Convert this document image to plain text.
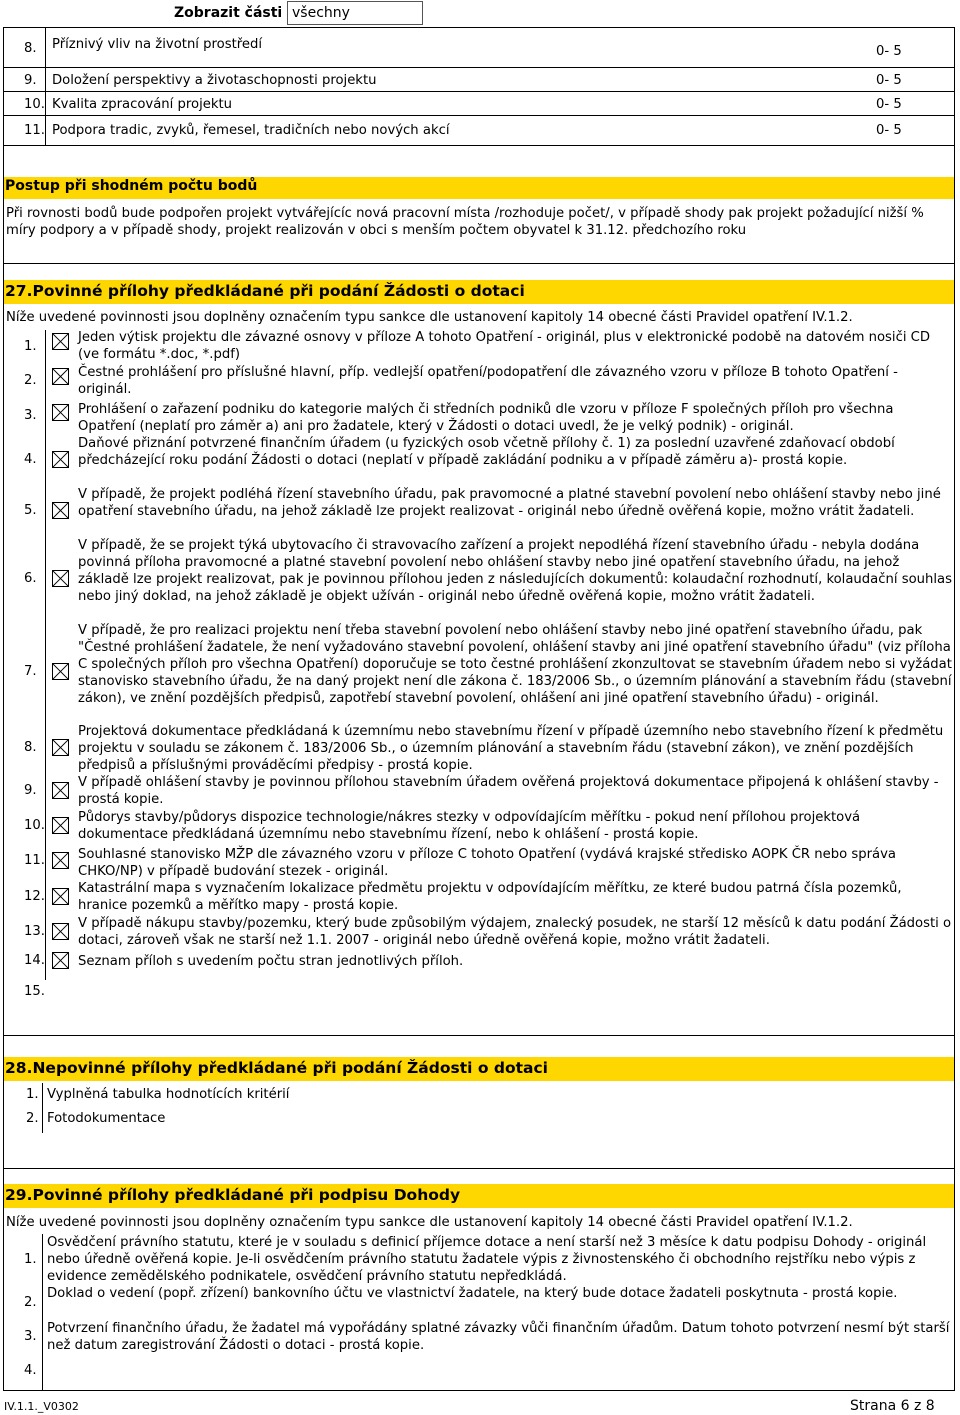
Zobrazit části všechny
8. Příznivý vliv na životní prostředí	0- 5
9. Doložení perspektivy a životaschopnosti projektu	0- 5
10. Kvalita zpracování projektu	0- 5
11. Podpora tradic, zvyků, řemesel, tradičních nebo nových akcí	0- 5
Postup při shodném počtu bodů
Při rovnosti bodů bude podpořen projekt vytvářejícíc nová pracovní místa /rozhoduje počet/, v případě shody pak projekt požadující nižší % míry podpory a v případě shody, projekt realizován v obci s menším počtem obyvatel k 31.12. předchozího roku
27.Povinné přílohy předkládané při podání Žádosti o dotaci
Níže uvedené povinnosti jsou doplněny označením typu sankce dle ustanovení kapitoly 14 obecné části Pravidel opatření IV.1.2.
1.
Jeden výtisk projektu dle závazné osnovy v příloze A tohoto Opatření - originál, plus v elektronické podobě na datovém nosiči CD (ve formátu *.doc, *.pdf)
2.
Čestné prohlášení pro příslušné hlavní, příp. vedlejší opatření/podopatření dle závazného vzoru v příloze B tohoto Opatření - originál.
3.	Prohlášení o zařazení podniku do kategorie malých či středních podniků dle vzoru v příloze F společných příloh pro všechna Opatření (neplatí pro záměr a) ani pro žadatele, který v Žádosti o dotaci uvedl, že je velký podnik) - originál.
4.
Daňové přiznání potvrzené finančním úřadem (u fyzických osob včetně přílohy č. 1) za poslední uzavřené zdaňovací období předcházející roku podání Žádosti o dotaci (neplatí v případě zakládání podniku a v případě záměru a)- prostá kopie.
5.
V případě, že projekt podléhá řízení stavebního úřadu, pak pravomocné a platné stavební povolení nebo ohlášení stavby nebo jiné opatření stavebního úřadu, na jehož základě lze projekt realizovat - originál nebo úředně ověřená kopie, možno vrátit žadateli.
6.
V případě, že se projekt týká ubytovacího či stravovacího zařízení a projekt nepodléhá řízení stavebního úřadu - nebyla dodána povinná příloha pravomocné a platné stavební povolení nebo ohlášení stavby nebo jiné opatření stavebního úřadu, na jehož základě lze projekt realizovat, pak je povinnou přílohou jeden z následujících dokumentů: kolaudační rozhodnutí, kolaudační souhlas nebo jiný doklad, na jehož základě je objekt užíván - originál nebo úředně ověřená kopie, možno vrátit žadateli.
7.
V případě, že pro realizaci projektu není třeba stavební povolení nebo ohlášení stavby nebo jiné opatření stavebního úřadu, pak "Čestné prohlášení žadatele, že není vyžadováno stavební povolení, ohlášení stavby ani jiné opatření stavebního úřadu" (viz příloha C společných příloh pro všechna Opatření) doporučuje se toto čestné prohlášení zkonzultovat se stavebním úřadem nebo si vyžádat stanovisko stavebního úřadu, že na daný projekt není dle zákona č. 183/2006 Sb., o územním plánování a stavebním řádu (stavební zákon), ve znění pozdějších předpisů, zapotřebí stavební povolení, ohlášení ani jiné opatření stavebního úřadu) - originál.
8.
Projektová dokumentace předkládaná k územnímu nebo stavebnímu řízení v případě územního nebo stavebního řízení k předmětu projektu v souladu se zákonem č. 183/2006 Sb., o územním plánování a stavebním řádu (stavební zákon), ve znění pozdějších předpisů a příslušnými prováděcími předpisy - prostá kopie.
9.
V případě ohlášení stavby je povinnou přílohou stavebním úřadem ověřená projektová dokumentace připojená k ohlášení stavby - prostá kopie.
10.
Půdorys stavby/půdorys dispozice technologie/nákres stezky v odpovídajícím měřítku - pokud není přílohou projektová dokumentace předkládaná územnímu nebo stavebnímu řízení, nebo k ohlášení - prostá kopie.
11.	Souhlasné stanovisko MŽP dle závazného vzoru v příloze C tohoto Opatření (vydává krajské středisko AOPK ČR nebo správa CHKO/NP) v případě budování stezek - originál.
12.
Katastrální mapa s vyznačením lokalizace předmětu projektu v odpovídajícím měřítku, ze které budou patrná čísla pozemků, hranice pozemků a měřítko mapy - prostá kopie.
13.
V případě nákupu stavby/pozemku, který bude způsobilým výdajem, znalecký posudek, ne starší 12 měsíců k datu podání Žádosti o dotaci, zároveň však ne starší než 1.1. 2007 - originál nebo úředně ověřená kopie, možno vrátit žadateli.
14.	Seznam příloh s uvedením počtu stran jednotlivých příloh.
15.
28.Nepovinné přílohy předkládané při podání Žádosti o dotaci
1. Vyplněná tabulka hodnotících kritérií
2. Fotodokumentace
29.Povinné přílohy předkládané při podpisu Dohody
Níže uvedené povinnosti jsou doplněny označením typu sankce dle ustanovení kapitoly 14 obecné části Pravidel opatření IV.1.2.
1.
Osvědčení právního statutu, které je v souladu s definicí příjemce dotace a není starší než 3 měsíce k datu podpisu Dohody - originál nebo úředně ověřená kopie. Je-li osvědčením právního statutu žadatele výpis z živnostenského či obchodního rejstříku nebo výpis z evidence zemědělského podnikatele, osvědčení právního statutu nepředkládá.
2.
Doklad o vedení (popř. zřízení) bankovního účtu ve vlastnictví žadatele, na který bude dotace žadateli poskytnuta - prostá kopie.
3.
Potvrzení finančního úřadu, že žadatel má vypořádány splatné závazky vůči finančním úřadům. Datum tohoto potvrzení nesmí být starší než datum zaregistrování Žádosti o dotaci - prostá kopie.
4.
IV.1.1._V0302	Strana 6 z 8
